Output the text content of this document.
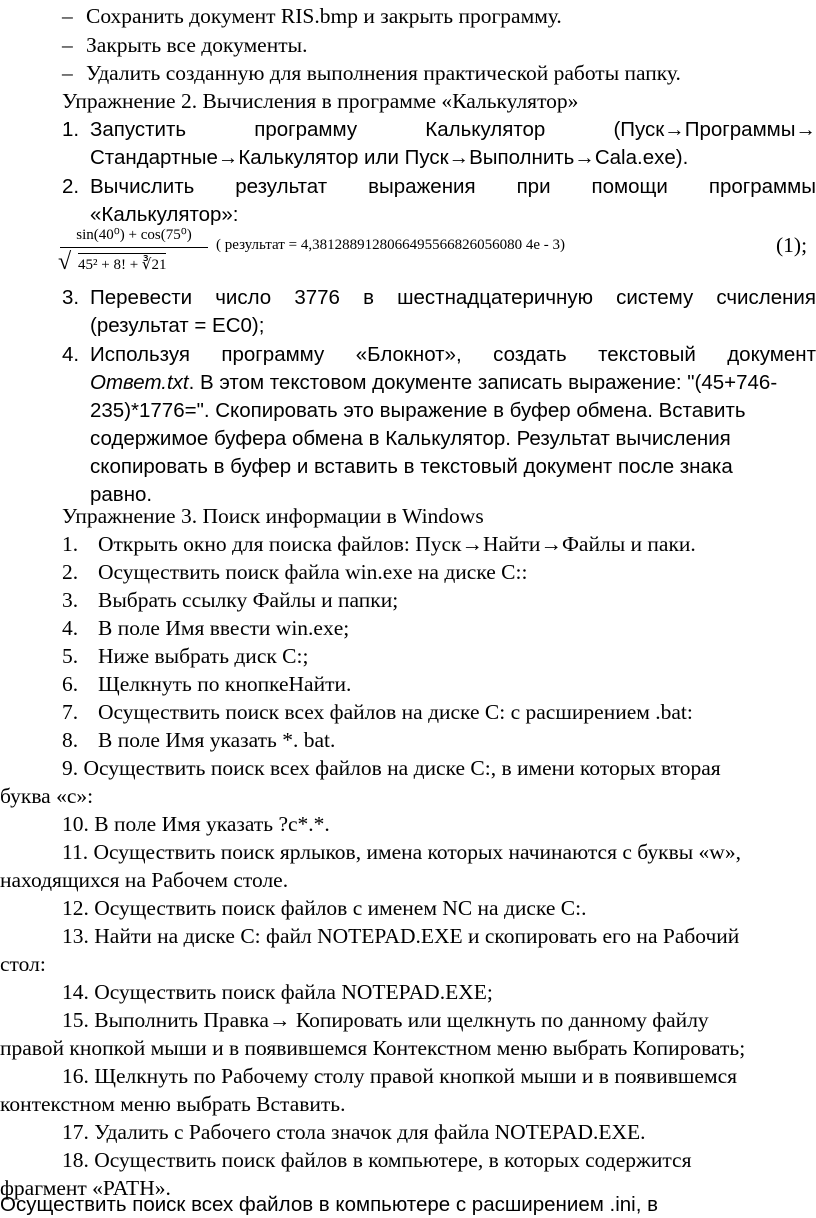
– Сохранить документ RIS.bmp и закрыть программу.
– Закрыть все документы.
– Удалить созданную для выполнения практической работы папку.
Упражнение 2. Вычисления в программе «Калькулятор»
1. Запустить	программу	Калькулятор	(Пуск→Программы→
Стандартные→Калькулятор или Пуск→Выполнить→Cala.exe).
2. Вычислить результат выражения при помощи программы
«Калькулятор»:
sin(40⁰) + cos(75⁰)
√ 45² + 8! + ∛21
( результат = 4,3812889128066495566826056080 4e - 3)	(1);
3. Перевести число 3776 в шестнадцатеричную систему счисления
(результат = EC0);
4. Используя программу «Блокнот», создать текстовый документ
Ответ.txt. В этом текстовом документе записать выражение: "(45+746-
235)*1776=". Скопировать это выражение в буфер обмена. Вставить
содержимое буфера обмена в Калькулятор. Результат вычисления
скопировать в буфер и вставить в текстовый документ после знака
равно.
Упражнение 3. Поиск информации в Windows
1. Открыть окно для поиска файлов: Пуск→Найти→Файлы и паки.
2. Осуществить поиск файла win.exe на диске С::
3. Выбрать ссылку Файлы и папки;
4. В поле Имя ввести win.exe;
5. Ниже выбрать диск С:;
6. Щелкнуть по кнопкеНайти.
7. Осуществить поиск всех файлов на диске С: с расширением .bat:
8. В поле Имя указать *. bat.
9. Осуществить поиск всех файлов на диске С:, в имени которых вторая
буква «с»:
10. В поле Имя указать ?с*.*.
11. Осуществить поиск ярлыков, имена которых начинаются с буквы «w»,
находящихся на Рабочем столе.
12. Осуществить поиск файлов с именем NC на диске С:.
13. Найти на диске С: файл NOTEPAD.EXE и скопировать его на Рабочий
стол:
14. Осуществить поиск файла NOTEPAD.EXE;
15. Выполнить Правка→ Копировать или щелкнуть по данному файлу
правой кнопкой мыши и в появившемся Контекстном меню выбрать Копировать;
16. Щелкнуть по Рабочему столу правой кнопкой мыши и в появившемся
контекстном меню выбрать Вставить.
17. Удалить с Рабочего стола значок для файла NOTEPAD.EXE.
18. Осуществить поиск файлов в компьютере, в которых содержится
фрагмент «PATH».
Осуществить поиск всех файлов в компьютере с расширением .ini, в
